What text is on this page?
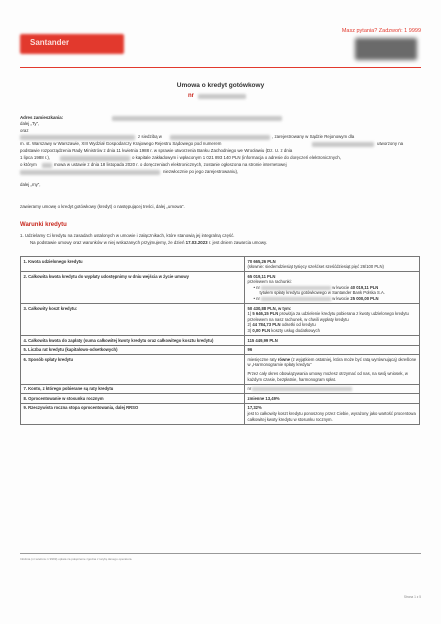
Santander
Masz pytania? Zadzwoń: 1 9999
Umowa o kredyt gotówkowy
nr
Adres zamieszkania:
dalej „Ty”,
oraz
z siedzibą w	, zarejestrowany w Sądzie Rejonowym dla
m. st. Warszawy w Warszawie, XIII Wydział Gospodarczy Krajowego Rejestru Sądowego pod numerem	utworzony na
podstawie rozporządzenia Rady Ministrów z dnia 11 kwietnia 1988 r. w sprawie utworzenia Banku Zachodniego we Wrocławiu (Dz. U. z dnia
1 lipca 1988 r.),	o kapitale zakładowym i wpłaconym 1 021 893 140 PLN (informacja o adresie do doręczeń elektronicznych,
o którym	mowa w ustawie z dnia 18 listopada 2020 r. o doręczeniach elektronicznych, zostanie ogłoszona na stronie internetowej
niezwłocznie po jego zarejestrowaniu),
dalej „my”,
zawieramy umowę o kredyt gotówkowy (kredyt) o następującej treści, dalej „umowa”.
Warunki kredytu
1. Udzielamy Ci kredytu na zasadach ustalonych w umowie i załącznikach, które stanowią jej integralną część.
Na podstawie umowy oraz warunków w niej wskazanych przyjmujemy, że dzień 17.03.2023 r. jest dniem zawarcia umowy.
1. Kwota udzielonego kredytu	70 665,26 PLN
(słownie: siedemdziesiąt tysięcy sześćset sześćdziesiąt pięć 26/100 PLN)

2. Całkowita kwota kredytu do wypłaty udostępnimy w dniu wejścia w życie umowy	65 019,11 PLN
przelewem na rachunki:
• nr w kwocie 40 019,11 PLN
tytułem spłaty kredytu gotówkowego w Santander Bank Polska S.A.
• nr w kwocie 25 000,00 PLN

3. Całkowity koszt kredytu:	50 430,88 PLN, w tym:
1) 5 646,15 PLN prowizja za udzielenie kredytu pobierana z kwoty udzielonego kredytu przelewem na nasz rachunek, w chwili wypłaty kredytu
2) 44 784,73 PLN odsetki od kredytu
3) 0,00 PLN koszty usług dodatkowych

4. Całkowita kwota do zapłaty (suma całkowitej kwoty kredytu oraz całkowitego kosztu kredytu)	115 449,99 PLN
5. Liczba rat kredytu (kapitałowo-odsetkowych)	96
6. Sposób spłaty kredytu	miesięczne raty równe (z wyjątkiem ostatniej, która może być ratą wyrównującą) określone w „Harmonogramie spłaty kredytu”
Przez cały okres obowiązywania umowy możesz otrzymać od nas, na swój wniosek, w każdym czasie, bezpłatnie, harmonogram spłat.

7. Konto, z którego pobierane są raty kredytu	nr
8. Oprocentowanie w stosunku rocznym	zmienne 13,49%
9. Rzeczywista roczna stopa oprocentowania, dalej RRSO	17,32%
jest to całkowity koszt kredytu ponoszony przez Ciebie, wyrażony jako wartość procentowa całkowitej kwoty kredytu w stosunku rocznym.
Infolinia (nr telefonu 1 9999) opłata za połączenie zgodna z taryfą danego operatora.
Strona 1 z 5
